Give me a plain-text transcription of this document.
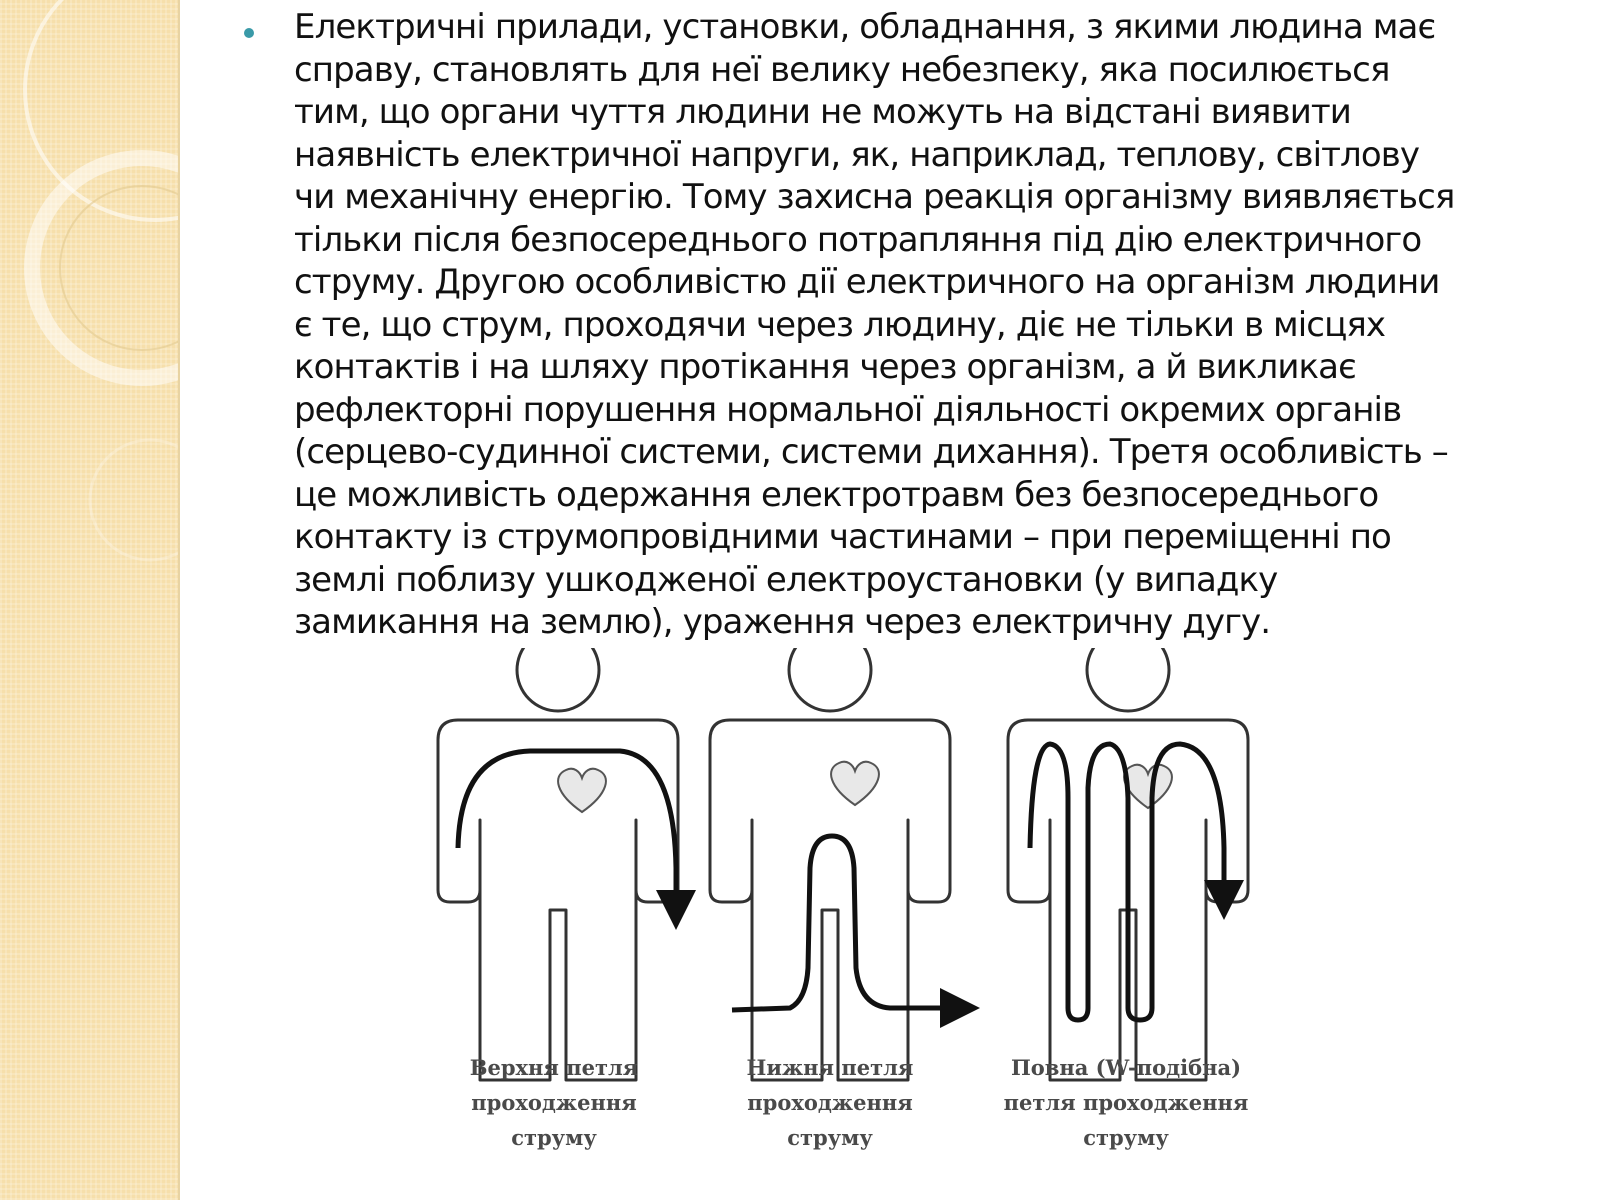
Електричні прилади, установки, обладнання, з якими людина має
справу, становлять для неї велику небезпеку, яка посилюється
тим, що органи чуття людини не можуть на відстані виявити
наявність електричної напруги, як, наприклад, теплову, світлову
чи механічну енергію. Тому захисна реакція організму виявляється
тільки після безпосереднього потрапляння під дію електричного
струму. Другою особливістю дії електричного на організм людини
є те, що струм, проходячи через людину, діє не тільки в місцях
контактів і на шляху протікання через організм, а й викликає
рефлекторні порушення нормальної діяльності окремих органів
(серцево-судинної системи, системи дихання). Третя особливість –
це можливість одержання електротравм без безпосереднього
контакту із струмопровідними частинами – при переміщенні по
землі поблизу ушкодженої електроустановки (у випадку
замикання на землю), ураження через електричну дугу.

Верхня петля
проходження
струму
Нижня петля
проходження
струму
Повна (W-подібна)
петля проходження
струму
